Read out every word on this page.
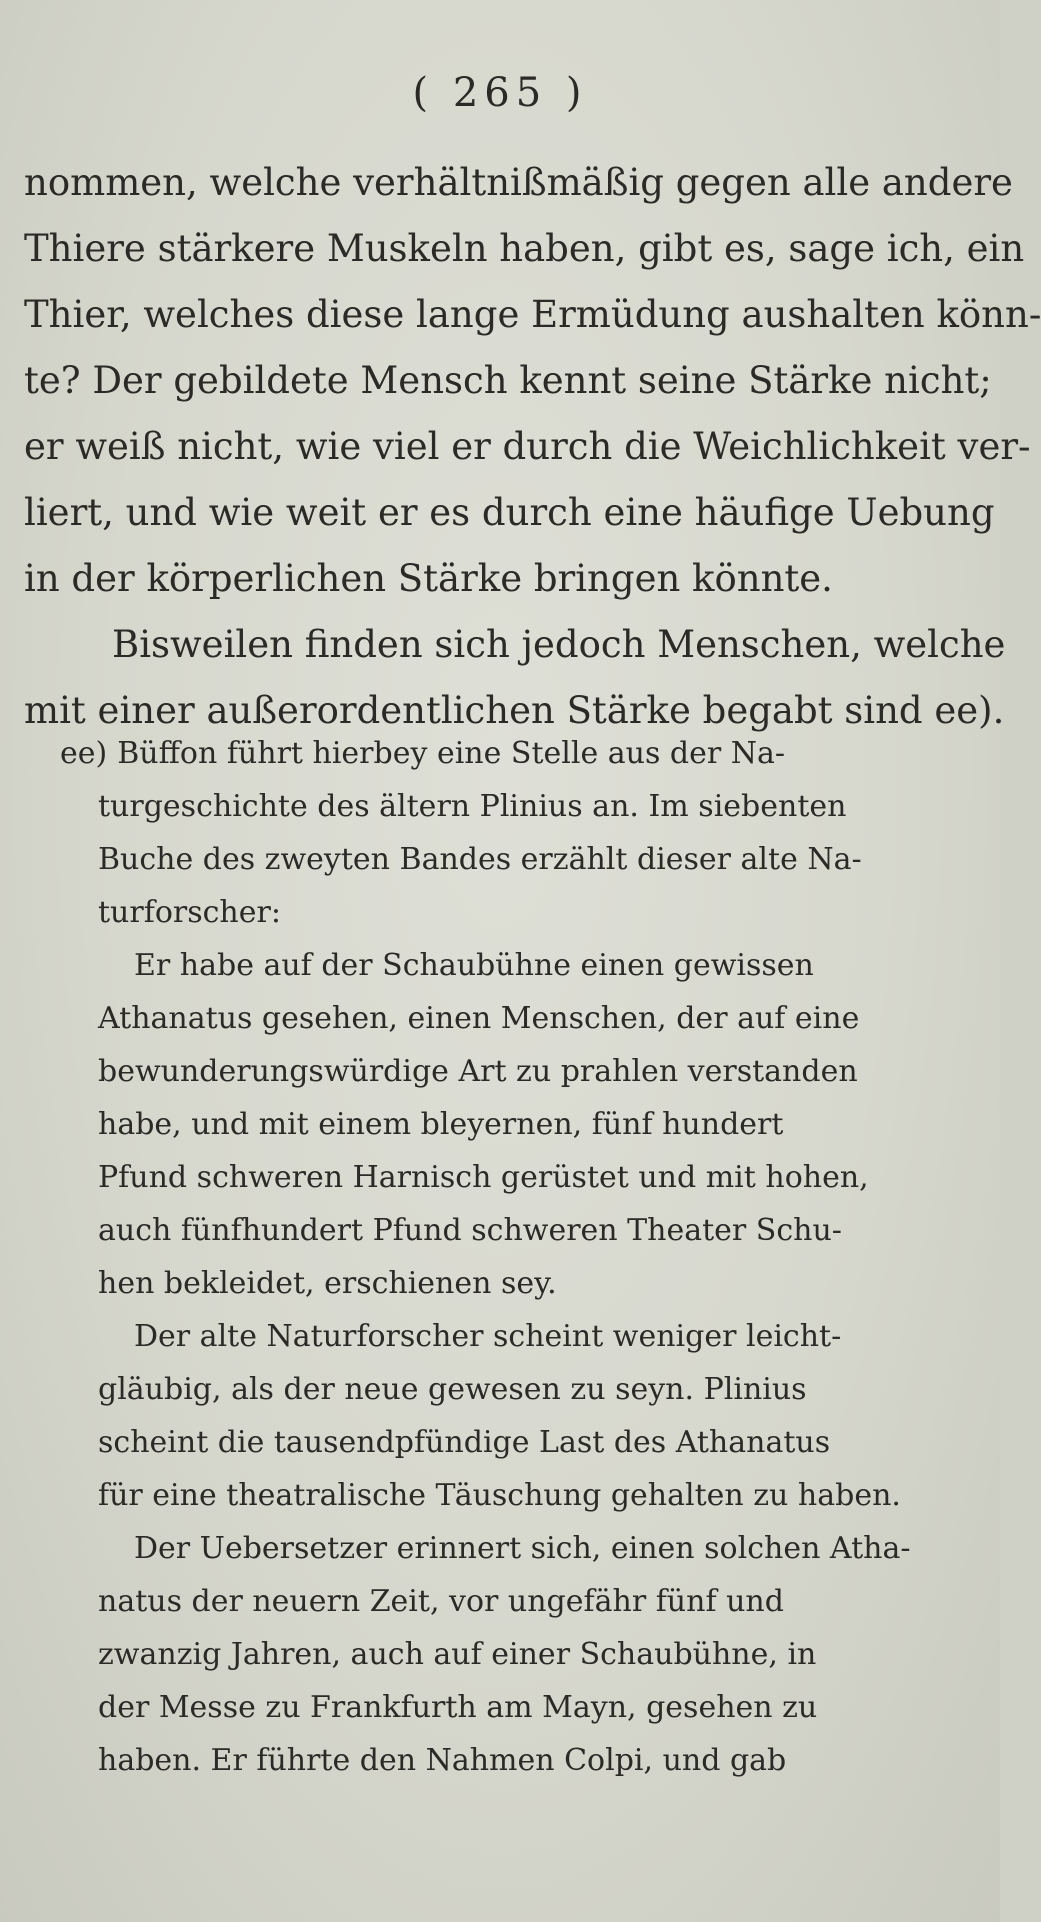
( 265 )
nommen, welche verhältnißmäßig gegen alle andere
Thiere stärkere Muskeln haben, gibt es, sage ich, ein
Thier, welches diese lange Ermüdung aushalten könn-
te? Der gebildete Mensch kennt seine Stärke nicht;
er weiß nicht, wie viel er durch die Weichlichkeit ver-
liert, und wie weit er es durch eine häufige Uebung
in der körperlichen Stärke bringen könnte.
Bisweilen finden sich jedoch Menschen, welche
mit einer außerordentlichen Stärke begabt sind ee).
ee) Büffon führt hierbey eine Stelle aus der Na-
turgeschichte des ältern Plinius an. Im siebenten
Buche des zweyten Bandes erzählt dieser alte Na-
turforscher:
Er habe auf der Schaubühne einen gewissen
Athanatus gesehen, einen Menschen, der auf eine
bewunderungswürdige Art zu prahlen verstanden
habe, und mit einem bleyernen, fünf hundert
Pfund schweren Harnisch gerüstet und mit hohen,
auch fünfhundert Pfund schweren Theater Schu-
hen bekleidet, erschienen sey.
Der alte Naturforscher scheint weniger leicht-
gläubig, als der neue gewesen zu seyn. Plinius
scheint die tausendpfündige Last des Athanatus
für eine theatralische Täuschung gehalten zu haben.
Der Uebersetzer erinnert sich, einen solchen Atha-
natus der neuern Zeit, vor ungefähr fünf und
zwanzig Jahren, auch auf einer Schaubühne, in
der Messe zu Frankfurth am Mayn, gesehen zu
haben. Er führte den Nahmen Colpi, und gab
